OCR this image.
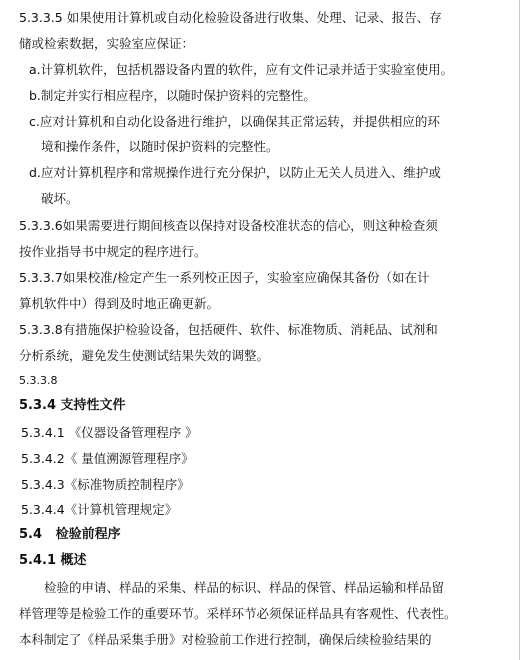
5.3.3.5 如果使用计算机或自动化检验设备进行收集、处理、记录、报告、存
储或检索数据，实验室应保证：
a.计算机软件，包括机器设备内置的软件，应有文件记录并适于实验室使用。
b.制定并实行相应程序，以随时保护资料的完整性。
c.应对计算机和自动化设备进行维护，以确保其正常运转，并提供相应的环
境和操作条件，以随时保护资料的完整性。
d.应对计算机程序和常规操作进行充分保护，以防止无关人员进入、维护或
破坏。
5.3.3.6如果需要进行期间核查以保持对设备校准状态的信心，则这种检查须
按作业指导书中规定的程序进行。
5.3.3.7如果校准/检定产生一系列校正因子，实验室应确保其备份（如在计
算机软件中）得到及时地正确更新。
5.3.3.8有措施保护检验设备，包括硬件、软件、标准物质、消耗品、试剂和
分析系统，避免发生使测试结果失效的调整。
5.3.3.8
5.3.4 支持性文件
5.3.4.1 《仪器设备管理程序 》
5.3.4.2《 量值溯源管理程序》
5.3.4.3《标准物质控制程序》
5.3.4.4《计算机管理规定》
5.4   检验前程序
5.4.1 概述
检验的申请、样品的采集、样品的标识、样品的保管、样品运输和样品留
样管理等是检验工作的重要环节。采样环节必须保证样品具有客观性、代表性。
本科制定了《样品采集手册》对检验前工作进行控制，确保后续检验结果的
